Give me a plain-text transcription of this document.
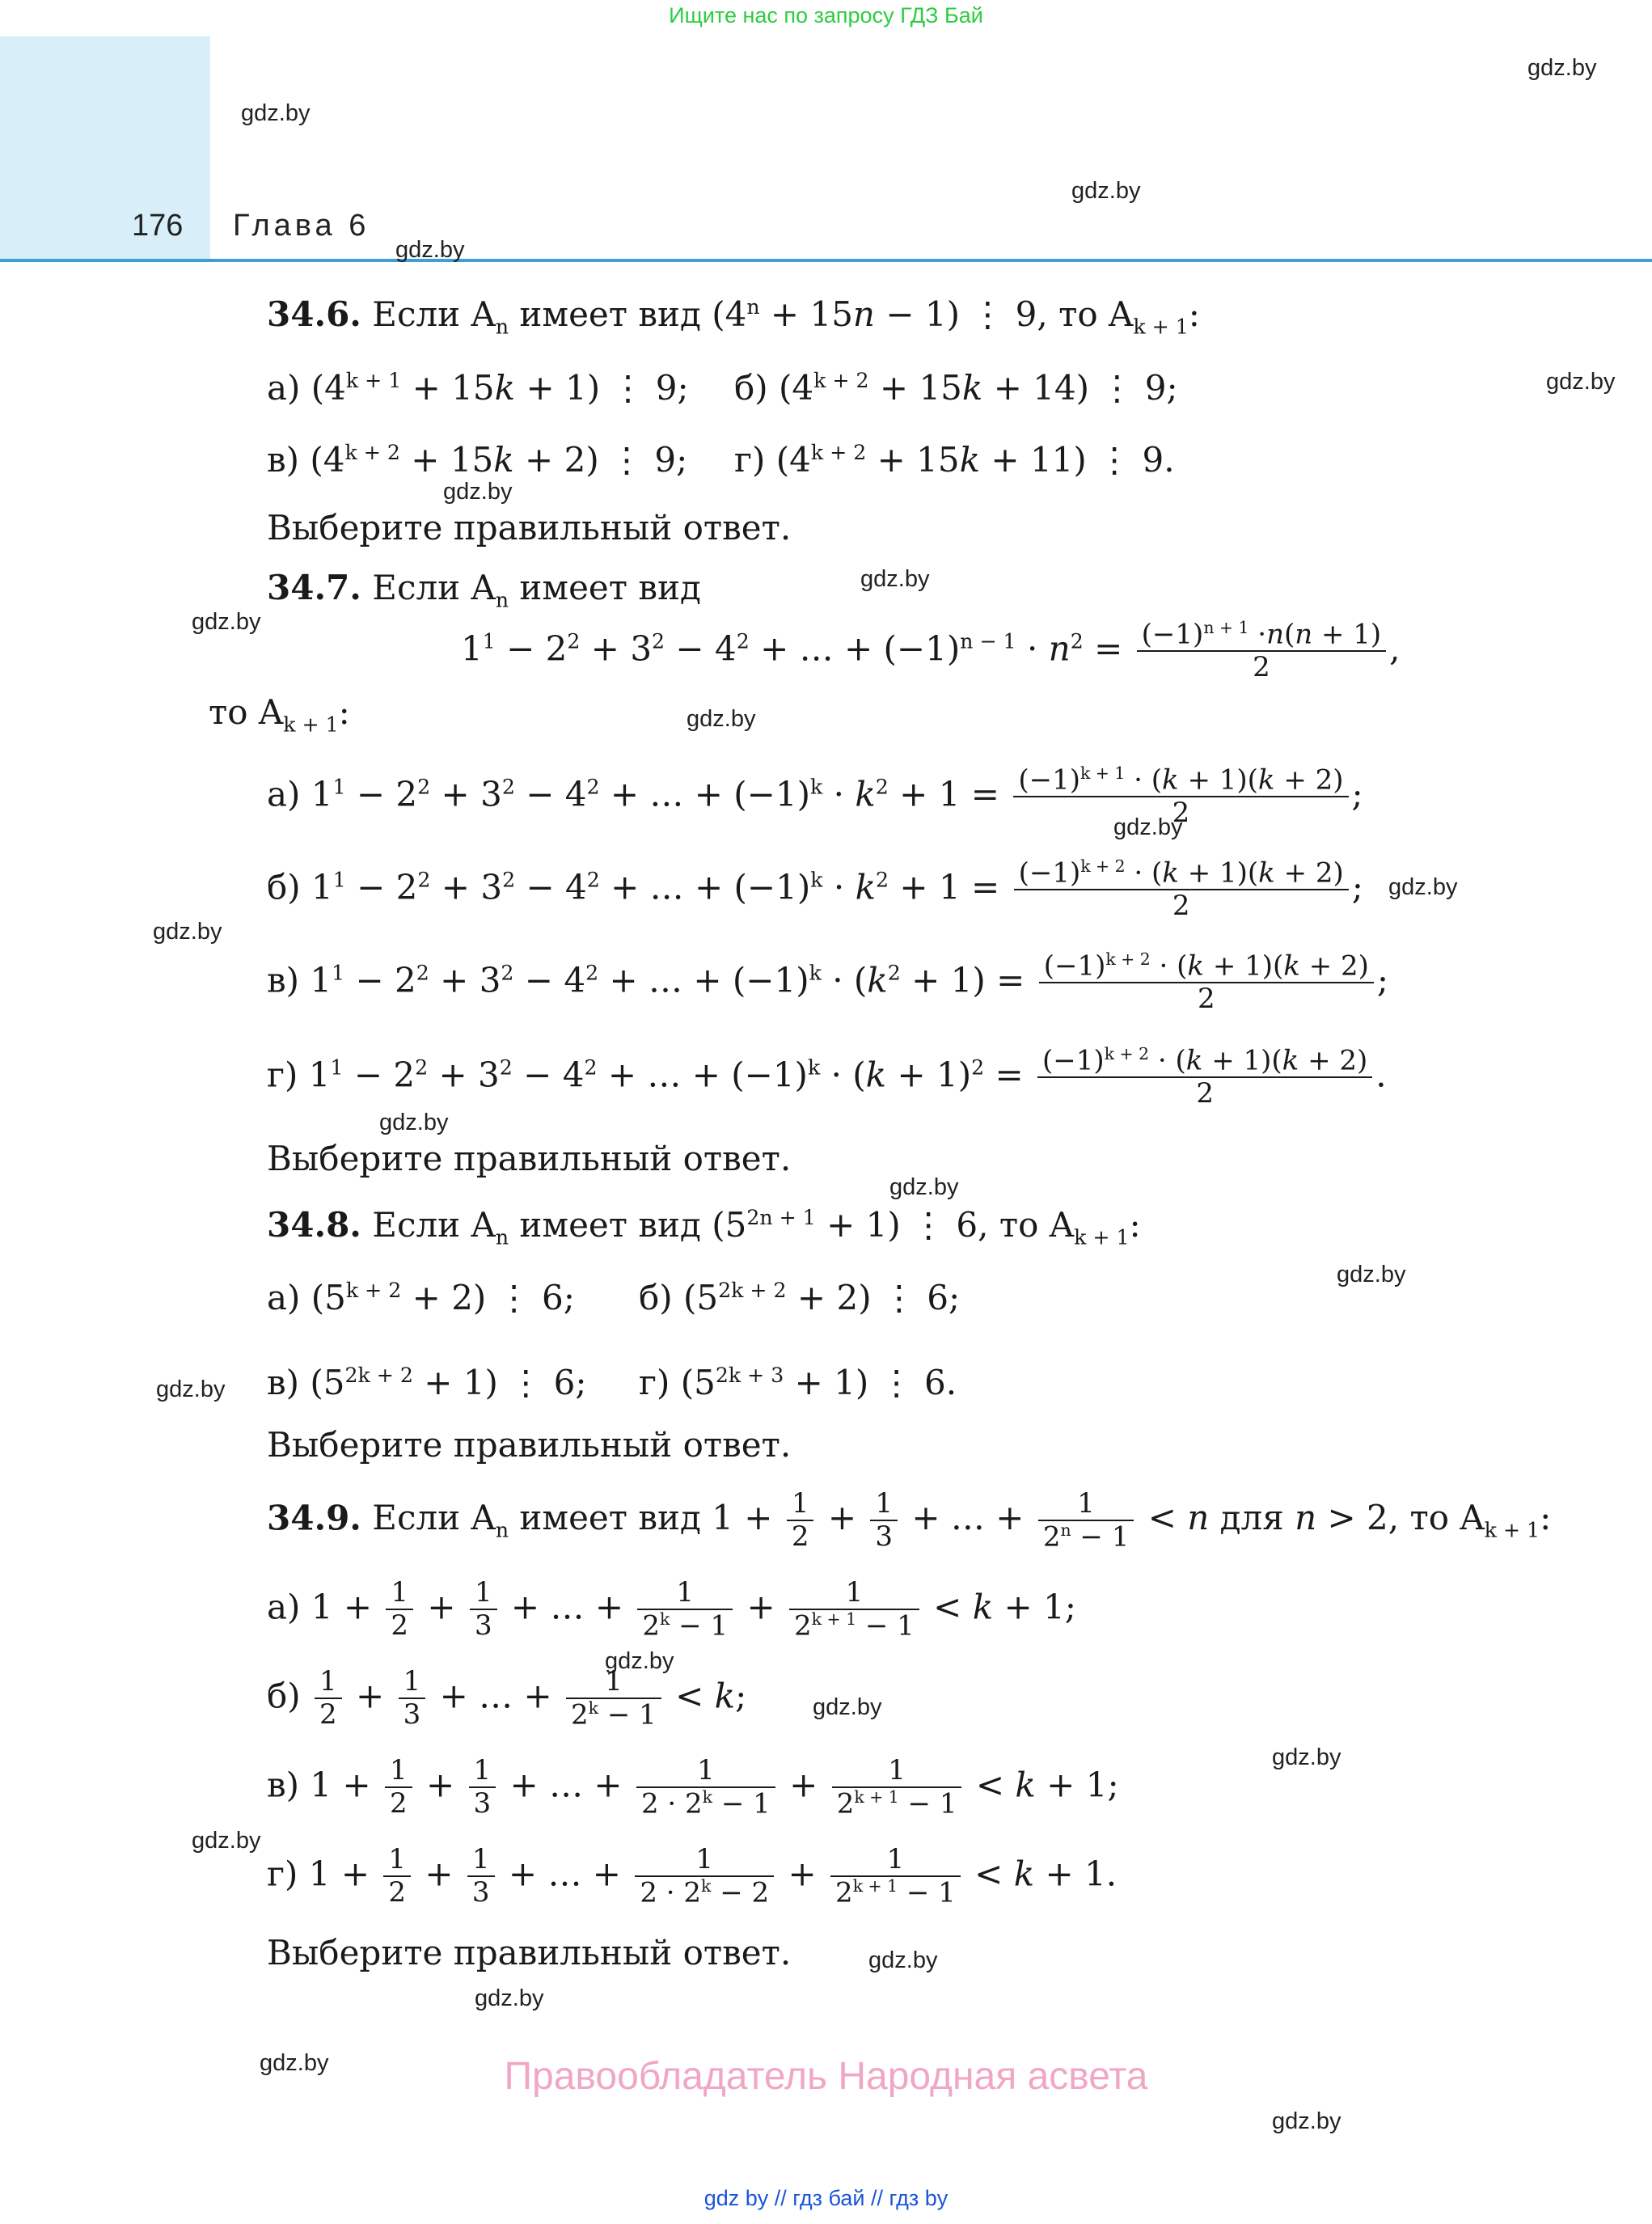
Ищите нас по запросу ГДЗ Бай
176 Глава 6
gdz.by
gdz.by
gdz.by
gdz.by
gdz.by
gdz.by
gdz.by
gdz.by
gdz.by
gdz.by
gdz.by
gdz.by
gdz.by
gdz.by
gdz.by
gdz.by
gdz.by
gdz.by
gdz.by
gdz.by
gdz.by
gdz.by
gdz.by
gdz.by
34.6. Если $A_n$ имеет вид $(4^n + 15n - 1)$ ⋮ 9, то $A_{k + 1}$:
а) $(4^{k + 1} + 15k + 1)$ ⋮ 9; б) $(4^{k + 2} + 15k + 14)$ ⋮ 9;
в) $(4^{k + 2} + 15k + 2)$ ⋮ 9; г) $(4^{k + 2} + 15k + 11)$ ⋮ 9.
Выберите правильный ответ.
34.7. Если $A_n$ имеет вид
$1^1 - 2^2 + 3^2 - 4^2$ + … + $(-1)^{n - 1} \cdot n^2 = \frac{(-1)^{n + 1} \cdot n(n + 1)}{2}$ ,
то $A_{k + 1}$:
а) $1^1 - 2^2 + 3^2 - 4^2$ + … + $(-1)^k \cdot k^2 + 1 = \frac{(-1)^{k + 1} \cdot (k + 1)(k + 2)}{2}$ ;
б) $1^1 - 2^2 + 3^2 - 4^2$ + … + $(-1)^k \cdot k^2 + 1 = \frac{(-1)^{k + 2} \cdot (k + 1)(k + 2)}{2}$ ;
в) $1^1 - 2^2 + 3^2 - 4^2$ + … + $(-1)^k \cdot (k^2 + 1) = \frac{(-1)^{k + 2} \cdot (k + 1)(k + 2)}{2}$ ;
г) $1^1 - 2^2 + 3^2 - 4^2$ + … + $(-1)^k \cdot (k + 1)^2 = \frac{(-1)^{k + 2} \cdot (k + 1)(k + 2)}{2}$ .
Выберите правильный ответ.
34.8. Если $A_n$ имеет вид $(5^{2n + 1} + 1)$ ⋮ 6, то $A_{k + 1}$:
а) $(5^{k + 2} + 2)$ ⋮ 6; б) $(5^{2k + 2} + 2)$ ⋮ 6;
в) $(5^{2k + 2} + 1)$ ⋮ 6; г) $(5^{2k + 3} + 1)$ ⋮ 6.
Выберите правильный ответ.
34.9. Если $A_n$ имеет вид $1 + \frac{1}{2} + \frac{1}{3}$ + … + $\frac{1}{2^n - 1} < n$ для n > 2, то $A_{k + 1}$:
а) $1 + \frac{1}{2} + \frac{1}{3}$ + … + $\frac{1}{2^k - 1} + \frac{1}{2^{k + 1} - 1} < k + 1$;
$б) \frac{1}{2} + \frac{1}{3}$ + … + $\frac{1}{2^k - 1} < k$;
в) $1 + \frac{1}{2} + \frac{1}{3}$ + … + $\frac{1}{2 \cdot 2^k - 1} + \frac{1}{2^{k + 1} - 1} < k + 1$;
г) $1 + \frac{1}{2} + \frac{1}{3}$ + … + $\frac{1}{2 \cdot 2^k - 2} + \frac{1}{2^{k + 1} - 1} < k + 1$.
Выберите правильный ответ.
Правообладатель Народная асвета
gdz by // гдз бай // гдз by
